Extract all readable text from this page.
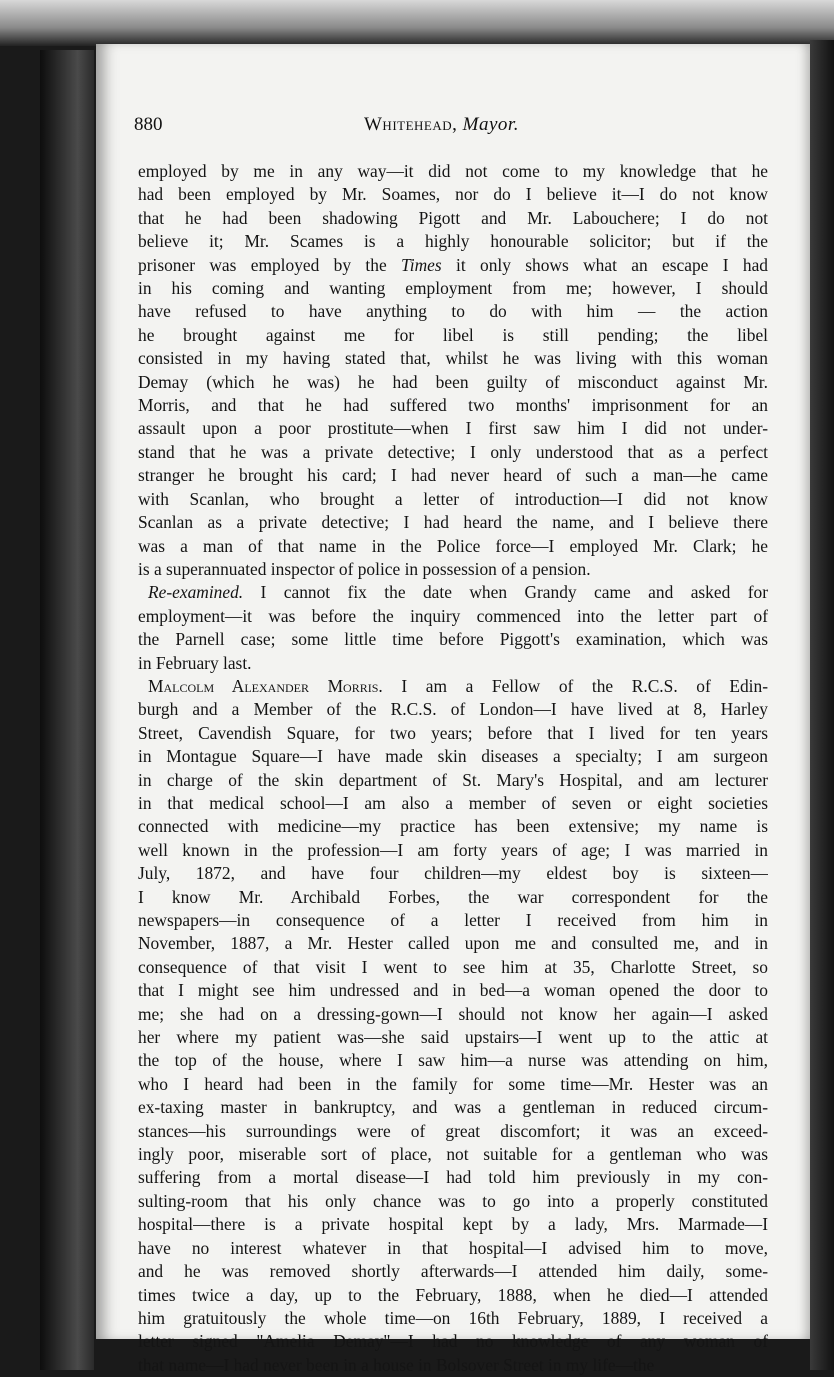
880	Whitehead, Mayor.
employed by me in any way—it did not come to my knowledge that he
had been employed by Mr. Soames, nor do I believe it—I do not know
that he had been shadowing Pigott and Mr. Labouchere; I do not
believe it; Mr. Scames is a highly honourable solicitor; but if the
prisoner was employed by the Times it only shows what an escape I had
in his coming and wanting employment from me; however, I should
have refused to have anything to do with him — the action
he brought against me for libel is still pending; the libel
consisted in my having stated that, whilst he was living with this woman
Demay (which he was) he had been guilty of misconduct against Mr.
Morris, and that he had suffered two months' imprisonment for an
assault upon a poor prostitute—when I first saw him I did not under-
stand that he was a private detective; I only understood that as a perfect
stranger he brought his card; I had never heard of such a man—he came
with Scanlan, who brought a letter of introduction—I did not know
Scanlan as a private detective; I had heard the name, and I believe there
was a man of that name in the Police force—I employed Mr. Clark; he
is a superannuated inspector of police in possession of a pension.
Re-examined. I cannot fix the date when Grandy came and asked for
employment—it was before the inquiry commenced into the letter part of
the Parnell case; some little time before Piggott's examination, which was
in February last.
Malcolm Alexander Morris. I am a Fellow of the R.C.S. of Edin-
burgh and a Member of the R.C.S. of London—I have lived at 8, Harley
Street, Cavendish Square, for two years; before that I lived for ten years
in Montague Square—I have made skin diseases a specialty; I am surgeon
in charge of the skin department of St. Mary's Hospital, and am lecturer
in that medical school—I am also a member of seven or eight societies
connected with medicine—my practice has been extensive; my name is
well known in the profession—I am forty years of age; I was married in
July, 1872, and have four children—my eldest boy is sixteen—
I know Mr. Archibald Forbes, the war correspondent for the
newspapers—in consequence of a letter I received from him in
November, 1887, a Mr. Hester called upon me and consulted me, and in
consequence of that visit I went to see him at 35, Charlotte Street, so
that I might see him undressed and in bed—a woman opened the door to
me; she had on a dressing-gown—I should not know her again—I asked
her where my patient was—she said upstairs—I went up to the attic at
the top of the house, where I saw him—a nurse was attending on him,
who I heard had been in the family for some time—Mr. Hester was an
ex-taxing master in bankruptcy, and was a gentleman in reduced circum-
stances—his surroundings were of great discomfort; it was an exceed-
ingly poor, miserable sort of place, not suitable for a gentleman who was
suffering from a mortal disease—I had told him previously in my con-
sulting-room that his only chance was to go into a properly constituted
hospital—there is a private hospital kept by a lady, Mrs. Marmade—I
have no interest whatever in that hospital—I advised him to move,
and he was removed shortly afterwards—I attended him daily, some-
times twice a day, up to the February, 1888, when he died—I attended
him gratuitously the whole time—on 16th February, 1889, I received a
letter signed "Amelia Demay"—I had no knowledge of any woman of
that name—I had never been in a house in Bolsover Street in my life—the
